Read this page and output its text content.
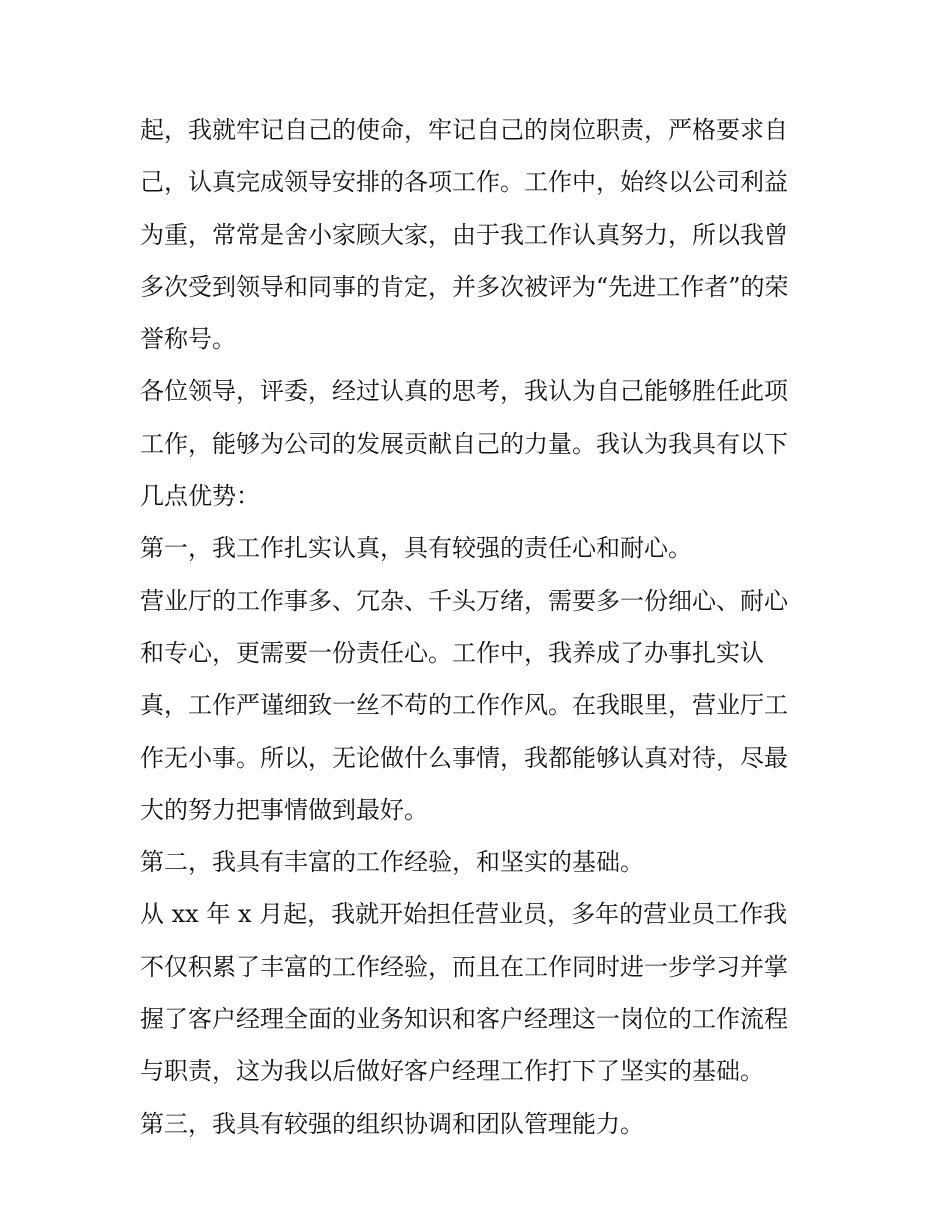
起，我就牢记自己的使命，牢记自己的岗位职责，严格要求自
己，认真完成领导安排的各项工作。工作中，始终以公司利益
为重，常常是舍小家顾大家，由于我工作认真努力，所以我曾
多次受到领导和同事的肯定，并多次被评为“先进工作者”的荣
誉称号。
各位领导，评委，经过认真的思考，我认为自己能够胜任此项
工作，能够为公司的发展贡献自己的力量。我认为我具有以下
几点优势：
第一，我工作扎实认真，具有较强的责任心和耐心。
营业厅的工作事多、冗杂、千头万绪，需要多一份细心、耐心
和专心，更需要一份责任心。工作中，我养成了办事扎实认
真，工作严谨细致一丝不苟的工作作风。在我眼里，营业厅工
作无小事。所以，无论做什么事情，我都能够认真对待，尽最
大的努力把事情做到最好。
第二，我具有丰富的工作经验，和坚实的基础。
从 xx 年 x 月起，我就开始担任营业员，多年的营业员工作我
不仅积累了丰富的工作经验，而且在工作同时进一步学习并掌
握了客户经理全面的业务知识和客户经理这一岗位的工作流程
与职责，这为我以后做好客户经理工作打下了坚实的基础。
第三，我具有较强的组织协调和团队管理能力。
